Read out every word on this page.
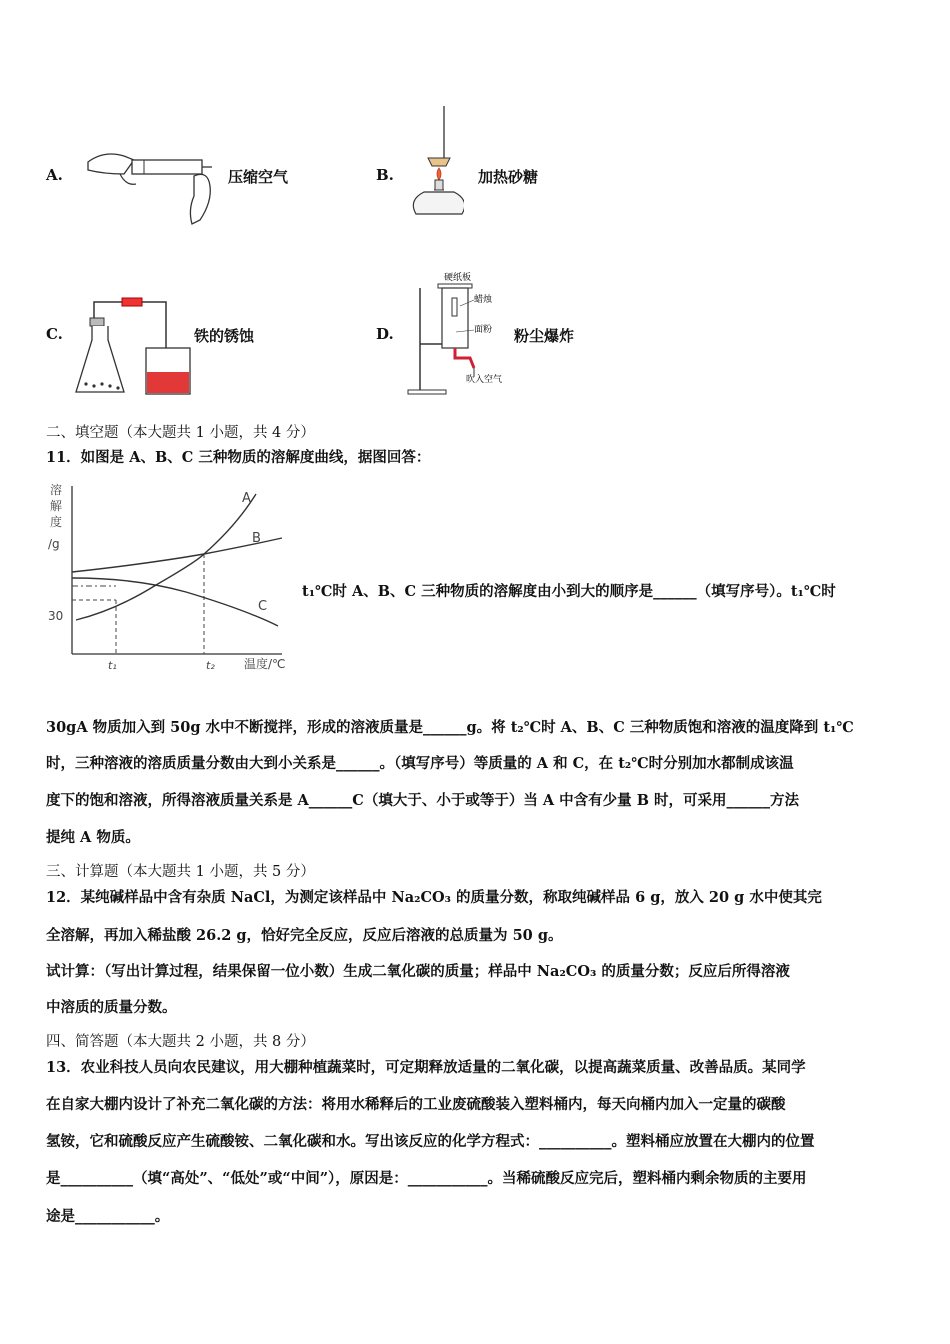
A.	压缩空气	B.	加热砂糖
C.	铁的锈蚀	D.
硬纸板
蜡烛
面粉
吹入空气
粉尘爆炸
二、填空题（本大题共 1 小题，共 4 分）
11．如图是 A、B、C 三种物质的溶解度曲线，据图回答：
溶
解
度
/g
30
t₁	t₂ 温度/℃
A
B
C
t₁℃时 A、B、C 三种物质的溶解度由小到大的顺序是______（填写序号）。t₁℃时
30gA 物质加入到 50g 水中不断搅拌，形成的溶液质量是______g。将 t₂℃时 A、B、C 三种物质饱和溶液的温度降到 t₁℃
时，三种溶液的溶质质量分数由大到小关系是______。（填写序号）等质量的 A 和 C，在 t₂℃时分别加水都制成该温
度下的饱和溶液，所得溶液质量关系是 A______C（填大于、小于或等于）当 A 中含有少量 B 时，可采用______方法
提纯 A 物质。
三、计算题（本大题共 1 小题，共 5 分）
12．某纯碱样品中含有杂质 NaCl，为测定该样品中 Na₂CO₃ 的质量分数，称取纯碱样品 6 g，放入 20 g 水中使其完
全溶解，再加入稀盐酸 26.2 g，恰好完全反应，反应后溶液的总质量为 50 g。
试计算：（写出计算过程，结果保留一位小数）生成二氧化碳的质量；样品中 Na₂CO₃ 的质量分数；反应后所得溶液
中溶质的质量分数。
四、简答题（本大题共 2 小题，共 8 分）
13．农业科技人员向农民建议，用大棚种植蔬菜时，可定期释放适量的二氧化碳，以提高蔬菜质量、改善品质。某同学
在自家大棚内设计了补充二氧化碳的方法：将用水稀释后的工业废硫酸装入塑料桶内，每天向桶内加入一定量的碳酸
氢铵，它和硫酸反应产生硫酸铵、二氧化碳和水。写出该反应的化学方程式：__________。塑料桶应放置在大棚内的位置
是__________（填“高处”、“低处”或“中间”），原因是：___________。当稀硫酸反应完后，塑料桶内剩余物质的主要用
途是___________。
